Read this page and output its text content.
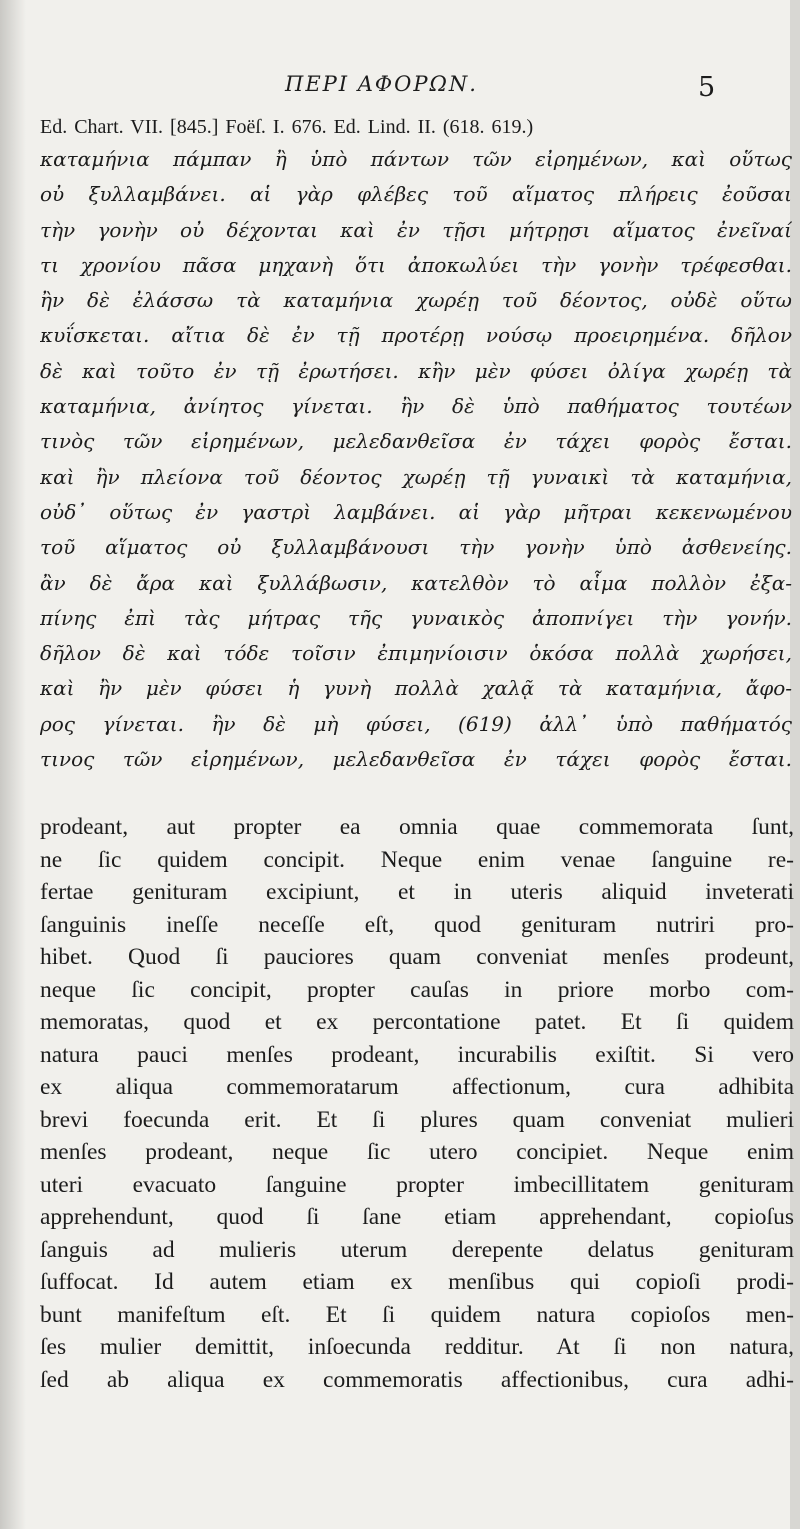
ΠΕΡΙ ΑΦΟΡΩΝ.	5
Ed. Chart. VII. [845.] Foëſ. I. 676. Ed. Lind. II. (618. 619.)
καταμήνια πάμπαν ἢ ὑπὸ πάντων τῶν εἰρημένων, καὶ οὕτως
οὐ ξυλλαμβάνει. αἱ γὰρ φλέβες τοῦ αἵματος πλήρεις ἐοῦσαι
τὴν γονὴν οὐ δέχονται καὶ ἐν τῇσι μήτρῃσι αἵματος ἐνεῖναί
τι χρονίου πᾶσα μηχανὴ ὅτι ἀποκωλύει τὴν γονὴν τρέφεσθαι.
ἢν δὲ ἐλάσσω τὰ καταμήνια χωρέῃ τοῦ δέοντος, οὐδὲ οὕτω
κυΐσκεται. αἴτια δὲ ἐν τῇ προτέρῃ νούσῳ προειρημένα. δῆλον
δὲ καὶ τοῦτο ἐν τῇ ἐρωτήσει. κἢν μὲν φύσει ὀλίγα χωρέῃ τὰ
καταμήνια, ἀνίητος γίνεται. ἢν δὲ ὑπὸ παθήματος τουτέων
τινὸς τῶν εἰρημένων, μελεδανθεῖσα ἐν τάχει φορὸς ἔσται.
καὶ ἢν πλείονα τοῦ δέοντος χωρέῃ τῇ γυναικὶ τὰ καταμήνια,
οὐδ᾽ οὕτως ἐν γαστρὶ λαμβάνει. αἱ γὰρ μῆτραι κεκενωμένου
τοῦ αἵματος οὐ ξυλλαμβάνουσι τὴν γονὴν ὑπὸ ἀσθενείης.
ἂν δὲ ἄρα καὶ ξυλλάβωσιν, κατελθὸν τὸ αἷμα πολλὸν ἐξα-
πίνης ἐπὶ τὰς μήτρας τῆς γυναικὸς ἀποπνίγει τὴν γονήν.
δῆλον δὲ καὶ τόδε τοῖσιν ἐπιμηνίοισιν ὁκόσα πολλὰ χωρήσει,
καὶ ἢν μὲν φύσει ἡ γυνὴ πολλὰ χαλᾷ τὰ καταμήνια, ἄφο-
ρος γίνεται. ἢν δὲ μὴ φύσει, (619) ἀλλ᾽ ὑπὸ παθήματός
τινος τῶν εἰρημένων, μελεδανθεῖσα ἐν τάχει φορὸς ἔσται.
prodeant, aut propter ea omnia quae commemorata ſunt,
ne ſic quidem concipit. Neque enim venae ſanguine re-
fertae genituram excipiunt, et in uteris aliquid inveterati
ſanguinis ineſſe neceſſe eſt, quod genituram nutriri pro-
hibet. Quod ſi pauciores quam conveniat menſes prodeunt,
neque ſic concipit, propter cauſas in priore morbo com-
memoratas, quod et ex percontatione patet. Et ſi quidem
natura pauci menſes prodeant, incurabilis exiſtit. Si vero
ex aliqua commemoratarum affectionum, cura adhibita
brevi foecunda erit. Et ſi plures quam conveniat mulieri
menſes prodeant, neque ſic utero concipiet. Neque enim
uteri evacuato ſanguine propter imbecillitatem genituram
apprehendunt, quod ſi ſane etiam apprehendant, copioſus
ſanguis ad mulieris uterum derepente delatus genituram
ſuffocat. Id autem etiam ex menſibus qui copioſi prodi-
bunt manifeſtum eſt. Et ſi quidem natura copioſos men-
ſes mulier demittit, inſoecunda redditur. At ſi non natura,
ſed ab aliqua ex commemoratis affectionibus, cura adhi-
